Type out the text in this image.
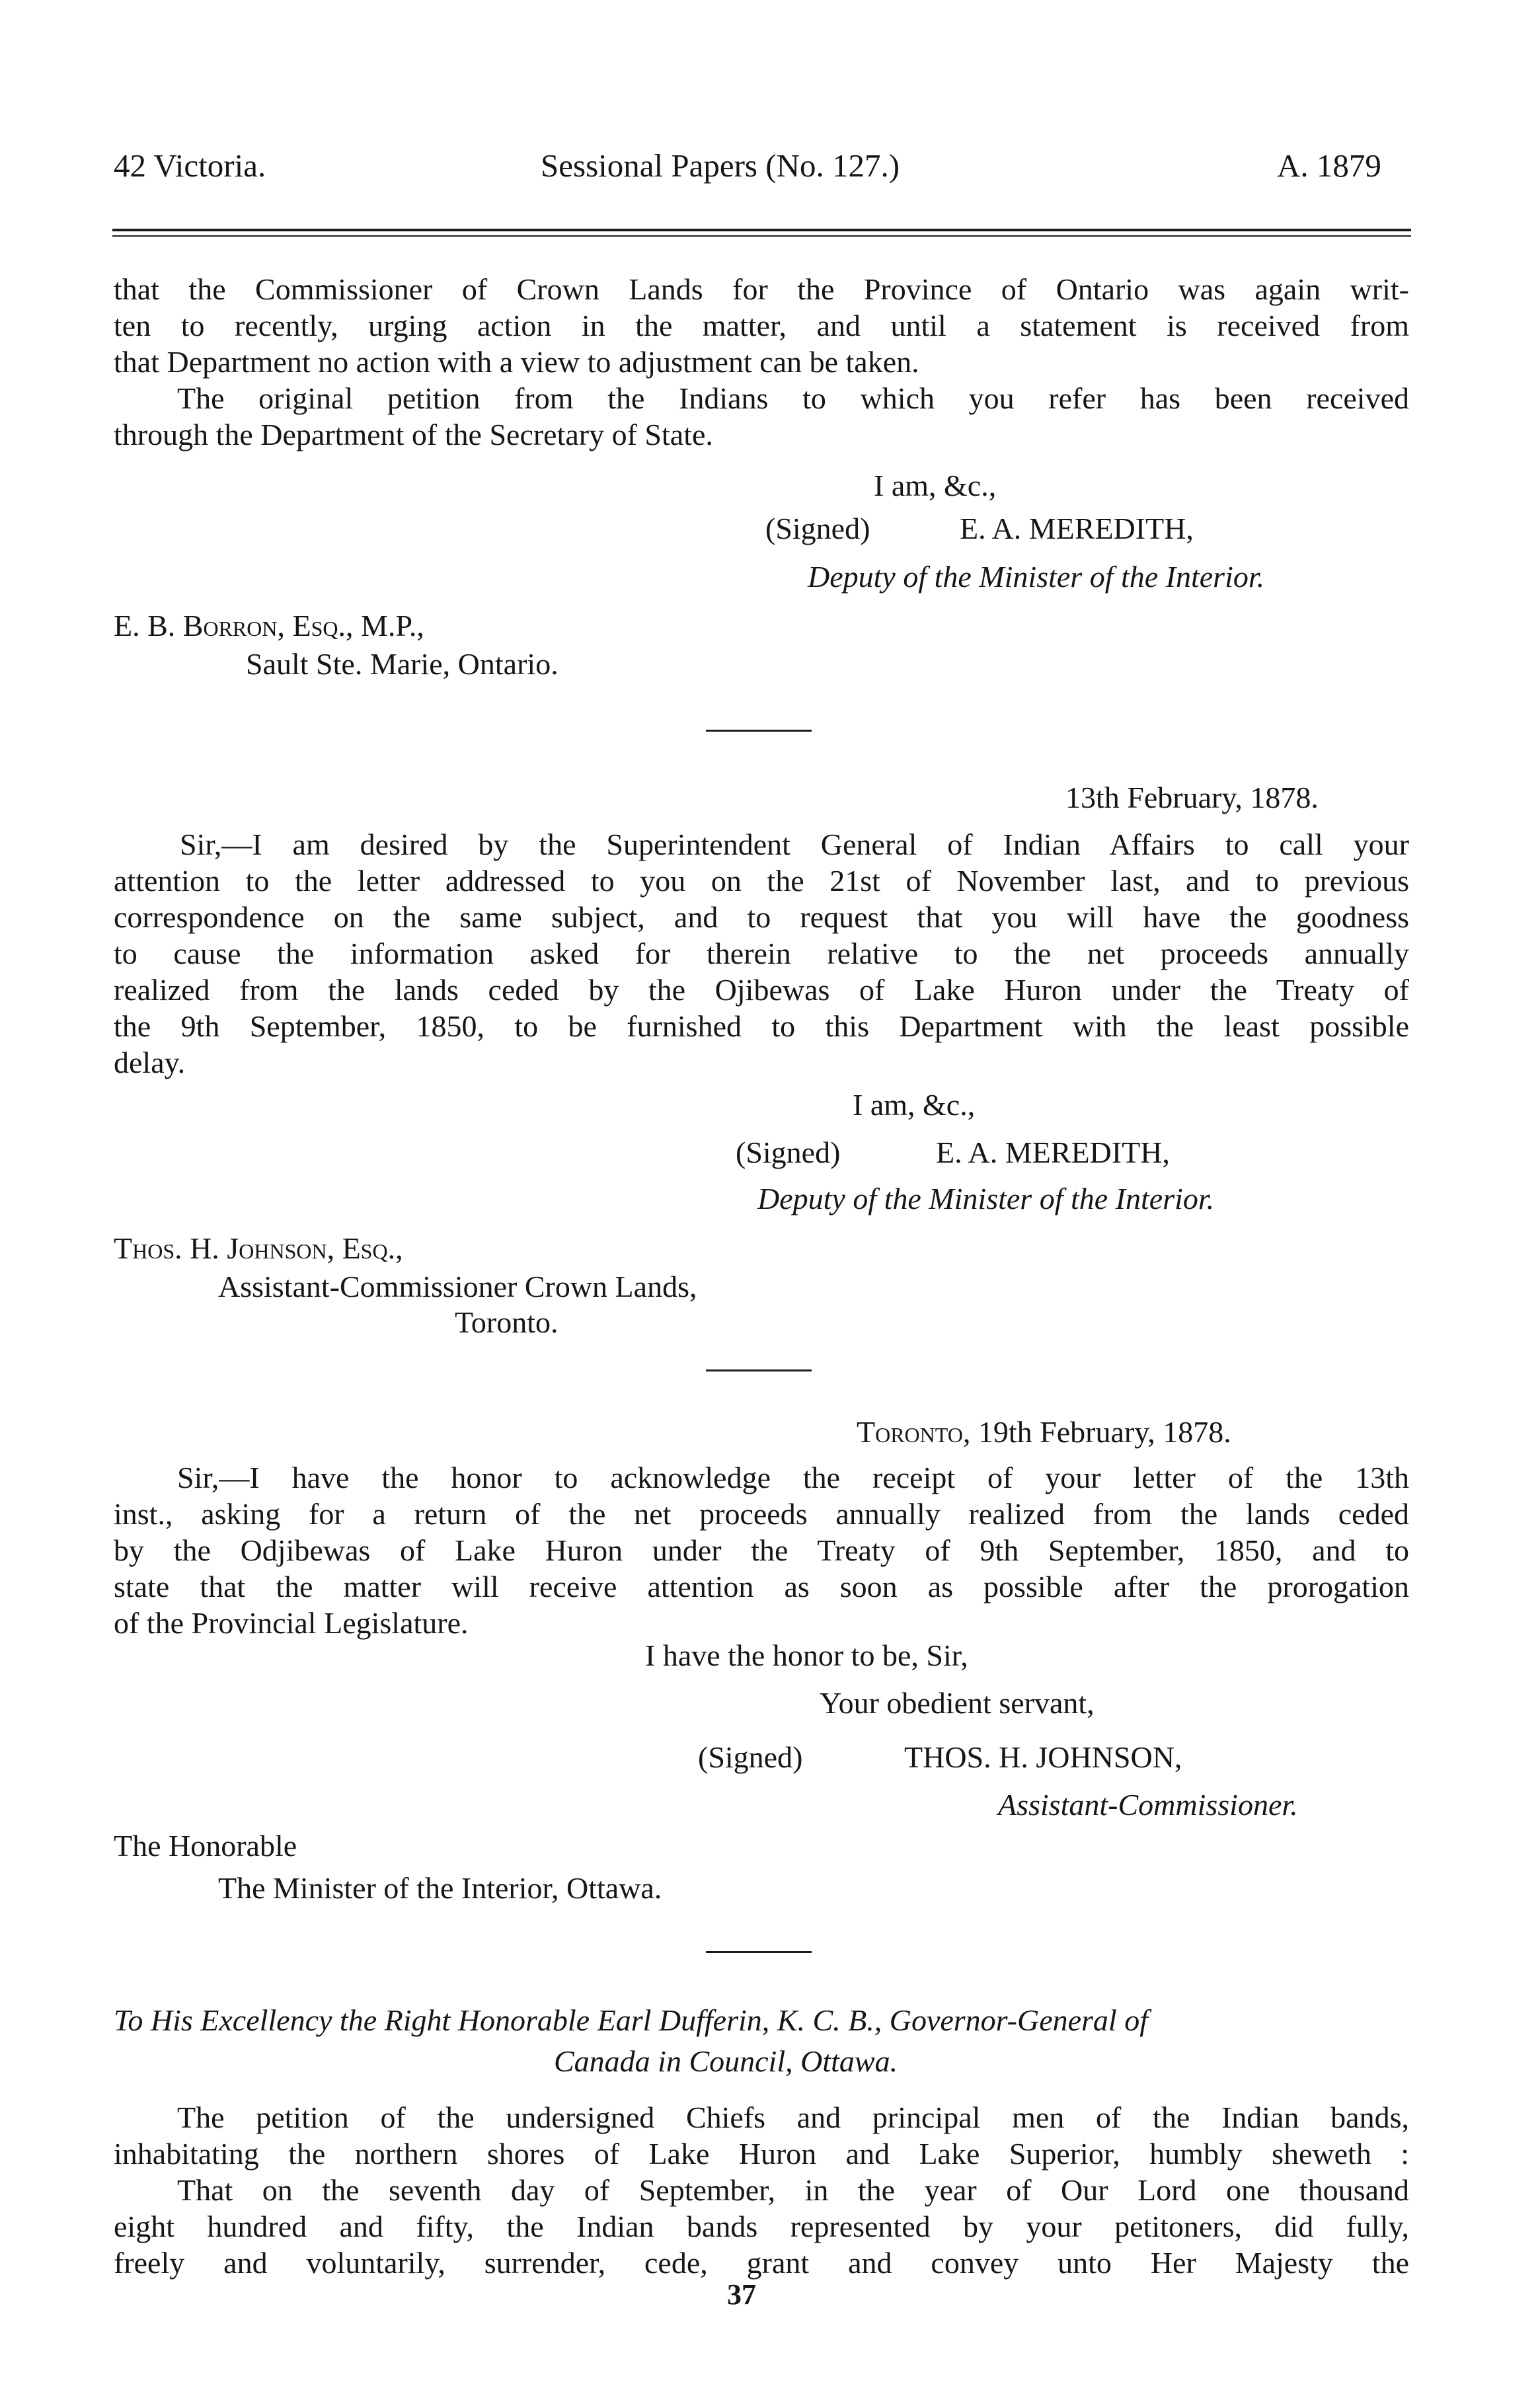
42 Victoria.	Sessional Papers (No. 127.)	A. 1879
that the Commissioner of Crown Lands for the Province of Ontario was again writ-
ten to recently, urging action in the matter, and until a statement is received from
that Department no action with a view to adjustment can be taken.
The original petition from the Indians to which you refer has been received
through the Department of the Secretary of State.
I am, &c.,
(Signed)	E. A. MEREDITH,
Deputy of the Minister of the Interior.
E. B. Borron, Esq., M.P.,
Sault Ste. Marie, Ontario.
13th February, 1878.
Sir,—I am desired by the Superintendent General of Indian Affairs to call your
attention to the letter addressed to you on the 21st of November last, and to previous
correspondence on the same subject, and to request that you will have the goodness
to cause the information asked for therein relative to the net proceeds annually
realized from the lands ceded by the Ojibewas of Lake Huron under the Treaty of
the 9th September, 1850, to be furnished to this Department with the least possible
delay.
I am, &c.,
(Signed)	E. A. MEREDITH,
Deputy of the Minister of the Interior.
Thos. H. Johnson, Esq.,
Assistant-Commissioner Crown Lands,
Toronto.
Toronto, 19th February, 1878.
Sir,—I have the honor to acknowledge the receipt of your letter of the 13th
inst., asking for a return of the net proceeds annually realized from the lands ceded
by the Odjibewas of Lake Huron under the Treaty of 9th September, 1850, and to
state that the matter will receive attention as soon as possible after the prorogation
of the Provincial Legislature.
I have the honor to be, Sir,
Your obedient servant,
(Signed)	THOS. H. JOHNSON,
Assistant-Commissioner.
The Honorable
The Minister of the Interior, Ottawa.
To His Excellency the Right Honorable Earl Dufferin, K. C. B., Governor-General of
Canada in Council, Ottawa.
The petition of the undersigned Chiefs and principal men of the Indian bands,
inhabitating the northern shores of Lake Huron and Lake Superior, humbly sheweth :
That on the seventh day of September, in the year of Our Lord one thousand
eight hundred and fifty, the Indian bands represented by your petitoners, did fully,
freely and voluntarily, surrender, cede, grant and convey unto Her Majesty the
37
